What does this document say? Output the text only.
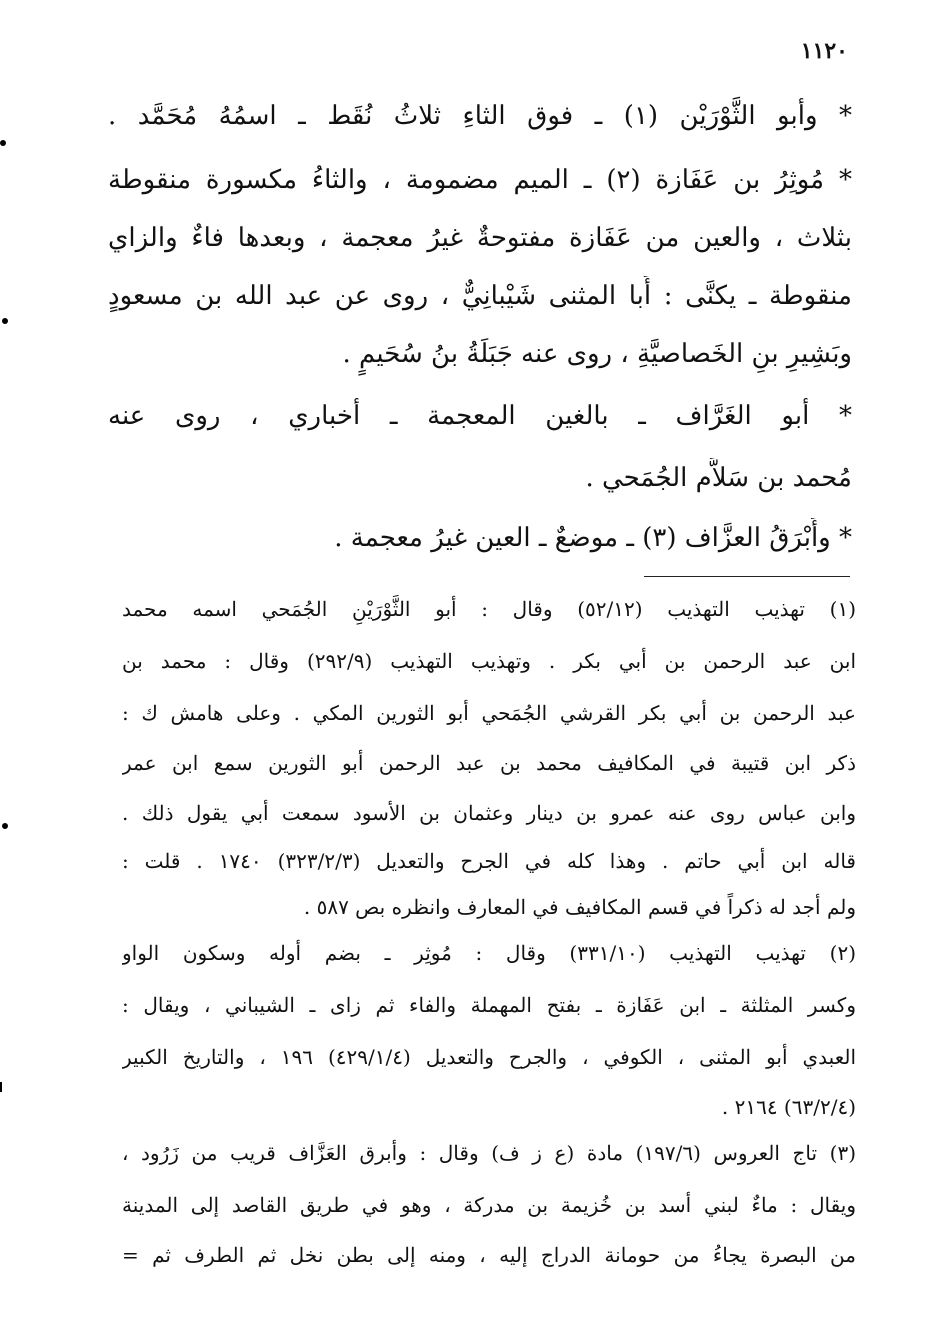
١١٢٠
* وأبو الثَّوْرَيْن (١) ـ فوق الثاءِ ثلاثُ نُقَط ـ اسمُهُ مُحَمَّد .
* مُوثِرُ بن عَفَازة (٢) ـ الميم مضمومة ، والثاءُ مكسورة منقوطة
بثلاث ، والعين من عَفَازة مفتوحةٌ غيرُ معجمة ، وبعدها فاءٌ والزاي
منقوطة ـ يكنَّى : أَبا المثنى شَيْبانِيٌّ ، روى عن عبد الله بن مسعودٍ
وبَشِيرِ بنِ الخَصاصيَّةِ ، روى عنه جَبَلَةُ بنُ سُحَيمٍ .
* أبو الغَرَّاف ـ بالغين المعجمة ـ أخباري ، روى عنه
مُحمد بن سَلاَّم الجُمَحي .
* وأَبْرَقُ العزَّاف (٣) ـ موضعٌ ـ العين غيرُ معجمة .
(١) تهذيب التهذيب (٥٢/١٢) وقال : أبو الثَّوْرَيْنِ الجُمَحي اسمه محمد
ابن عبد الرحمن بن أبي بكر . وتهذيب التهذيب (٢٩٢/٩) وقال : محمد بن
عبد الرحمن بن أبي بكر القرشي الجُمَحي أبو الثورين المكي . وعلى هامش ك :
ذكر ابن قتيبة في المكافيف محمد بن عبد الرحمن أبو الثورين سمع ابن عمر
وابن عباس روى عنه عمرو بن دينار وعثمان بن الأسود سمعت أبي يقول ذلك .
قاله ابن أبي حاتم . وهذا كله في الجرح والتعديل (٣٢٣/٢/٣) ١٧٤٠ . قلت :
ولم أجد له ذكراً في قسم المكافيف في المعارف وانظره بص ٥٨٧ .
(٢) تهذيب التهذيب (٣٣١/١٠) وقال : مُوثِر ـ بضم أوله وسكون الواو
وكسر المثلثة ـ ابن عَفَازة ـ بفتح المهملة والفاء ثم زاى ـ الشيباني ، ويقال :
العبدي أبو المثنى ، الكوفي ، والجرح والتعديل (٤٢٩/١/٤) ١٩٦ ، والتاريخ الكبير
(٦٣/٢/٤) ٢١٦٤ .
(٣) تاج العروس (١٩٧/٦) مادة (ع ز ف) وقال : وأبرق العَزَّاف قريب من زَرُود ،
ويقال : ماءٌ لبني أسد بن خُزيمة بن مدركة ، وهو في طريق القاصد إلى المدينة
من البصرة يجاءُ من حومانة الدراج إليه ، ومنه إلى بطن نخل ثم الطرف ثم =
